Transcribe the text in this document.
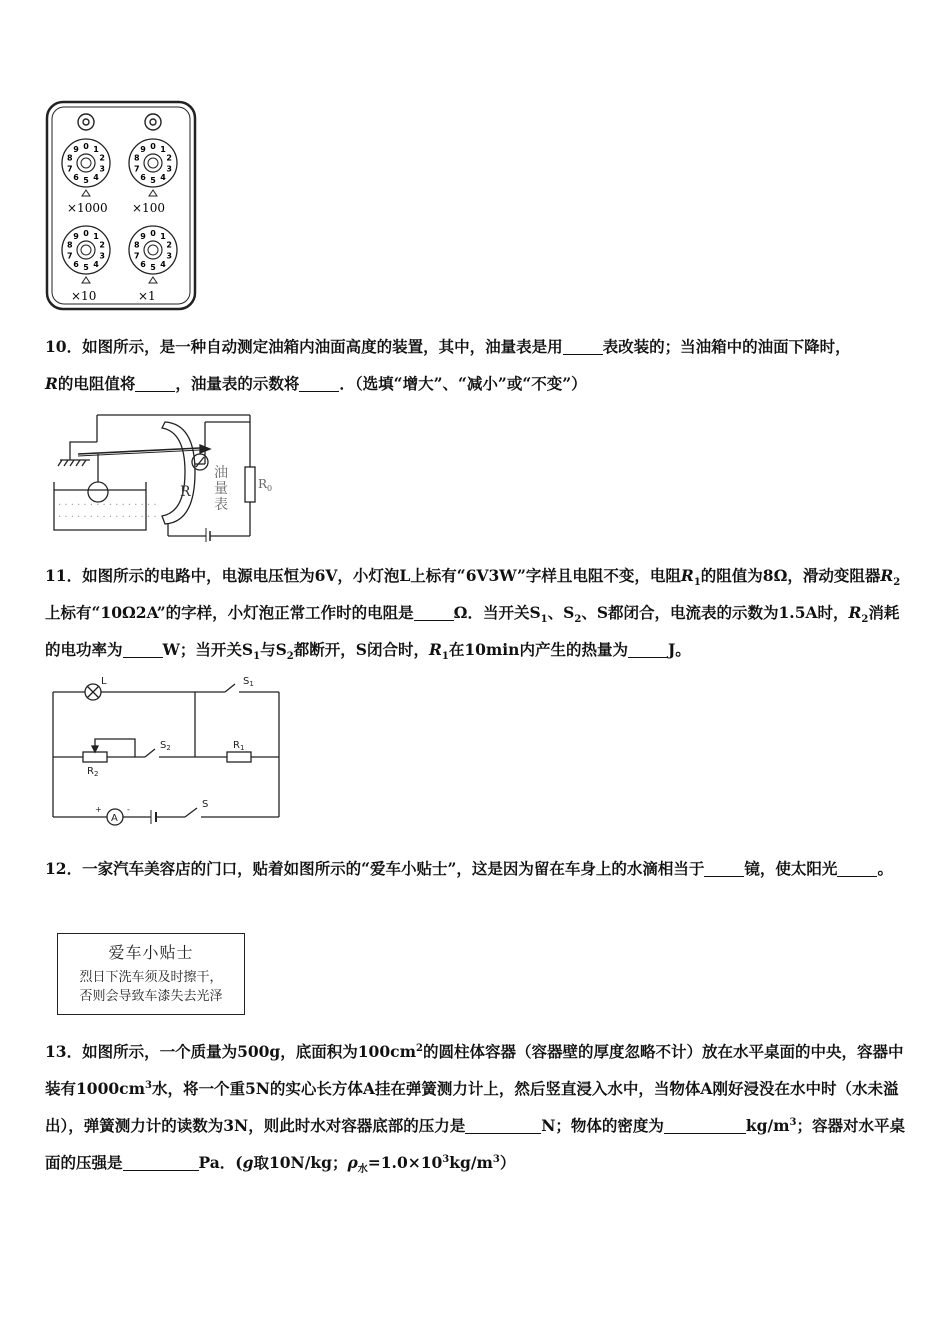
0 1
2
3
4
5
6
7
8
9	0 1
2
3
4
5
6
7
8
9
0 1
2
3
4
5
6
7
8
9	0 1
2
3
4
5
6
7
8
9
×1000 ×100
×10	×1

10．如图所示，是一种自动测定油箱内油面高度的装置，其中，油量表是用	表改装的；当油箱中的油面下降时，

R的电阻值将	，油量表的示数将	．（选填“增大”、“减小”或“不变”）

· · · · · · · · · · · · · · · ·
· · · · · · · · · · · · · · · ·
R
油
量
表
$R_0$

11．如图所示的电路中，电源电压恒为6V，小灯泡L上标有“6V3W”字样且电阻不变，电阻$R_1$的阻值为8Ω，滑动变阻器$R_2$上标有“10Ω2A”的字样，小灯泡正常工作时的电阻是	Ω．当开关$S_1$、$S_2$、S都闭合，电流表的示数为1.5A时，$R_2$消耗的电功率为	W；当开关$S_1$与$S_2$都断开，S闭合时，$R_1$在10min内产生的热量为	J。

L	$S_1$
$S_2$	$R_1$
$R_2$
A
S
+	-

12．一家汽车美容店的门口，贴着如图所示的“爱车小贴士”，这是因为留在车身上的水滴相当于	镜，使太阳光	。

爱车小贴士
烈日下洗车须及时擦干，
否则会导致车漆失去光泽

13．如图所示，一个质量为500g，底面积为$100cm^2$的圆柱体容器（容器壁的厚度忽略不计）放在水平桌面的中央，容器中装有$1000cm^3$水，将一个重5N的实心长方体A挂在弹簧测力计上，然后竖直浸入水中，当物体A刚好浸没在水中时（水未溢出），弹簧测力计的读数为3N，则此时水对容器底部的压力是	N；物体的密度为	$kg/m^3$；容器对水平桌面的压强是	Pa．(g取10N/kg；$\rho_水=1.0\times 10^3kg/m^3$）
